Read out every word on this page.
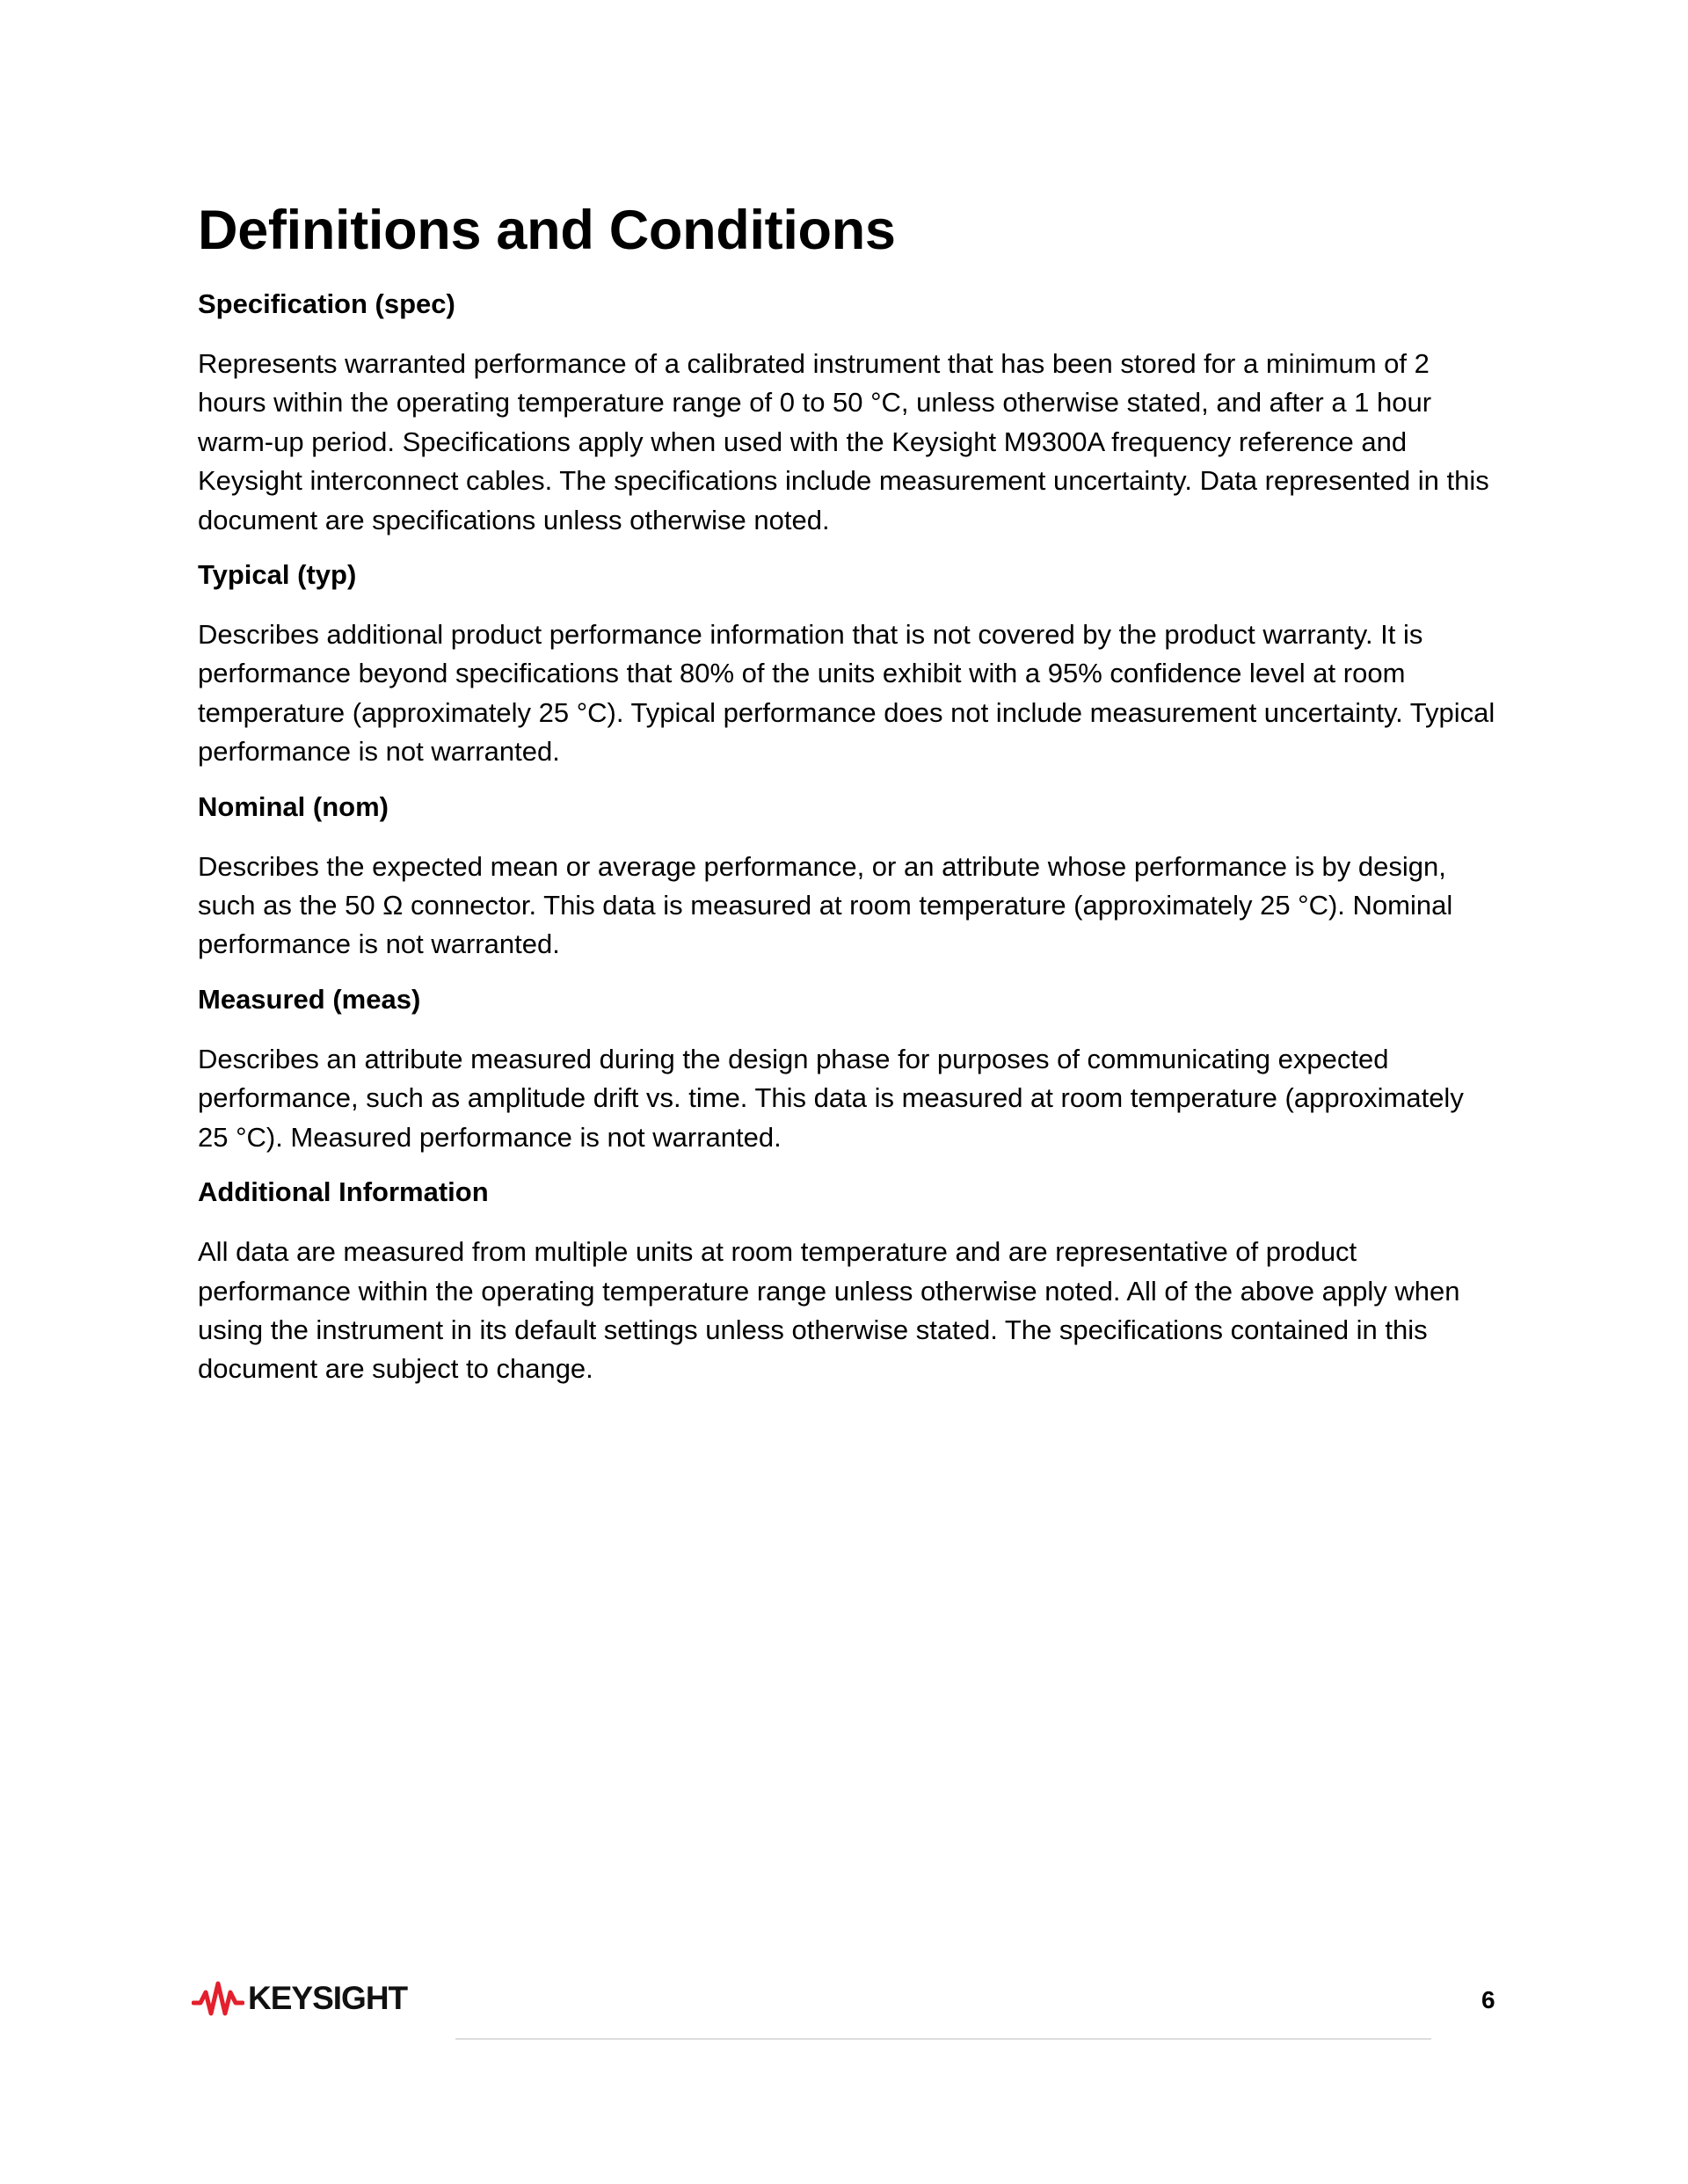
Definitions and Conditions
Specification (spec)

Represents warranted performance of a calibrated instrument that has been stored for a minimum of 2 hours within the operating temperature range of 0 to 50 °C, unless otherwise stated, and after a 1 hour warm-up period. Specifications apply when used with the Keysight M9300A frequency reference and Keysight interconnect cables. The specifications include measurement uncertainty. Data represented in this document are specifications unless otherwise noted.

Typical (typ)

Describes additional product performance information that is not covered by the product warranty. It is performance beyond specifications that 80% of the units exhibit with a 95% confidence level at room temperature (approximately 25 °C). Typical performance does not include measurement uncertainty. Typical performance is not warranted.

Nominal (nom)

Describes the expected mean or average performance, or an attribute whose performance is by design, such as the 50 Ω connector. This data is measured at room temperature (approximately 25 °C). Nominal performance is not warranted.

Measured (meas)

Describes an attribute measured during the design phase for purposes of communicating expected performance, such as amplitude drift vs. time. This data is measured at room temperature (approximately 25 °C). Measured performance is not warranted.

Additional Information

All data are measured from multiple units at room temperature and are representative of product performance within the operating temperature range unless otherwise noted. All of the above apply when using the instrument in its default settings unless otherwise stated. The specifications contained in this document are subject to change.

KEYSIGHT	6
